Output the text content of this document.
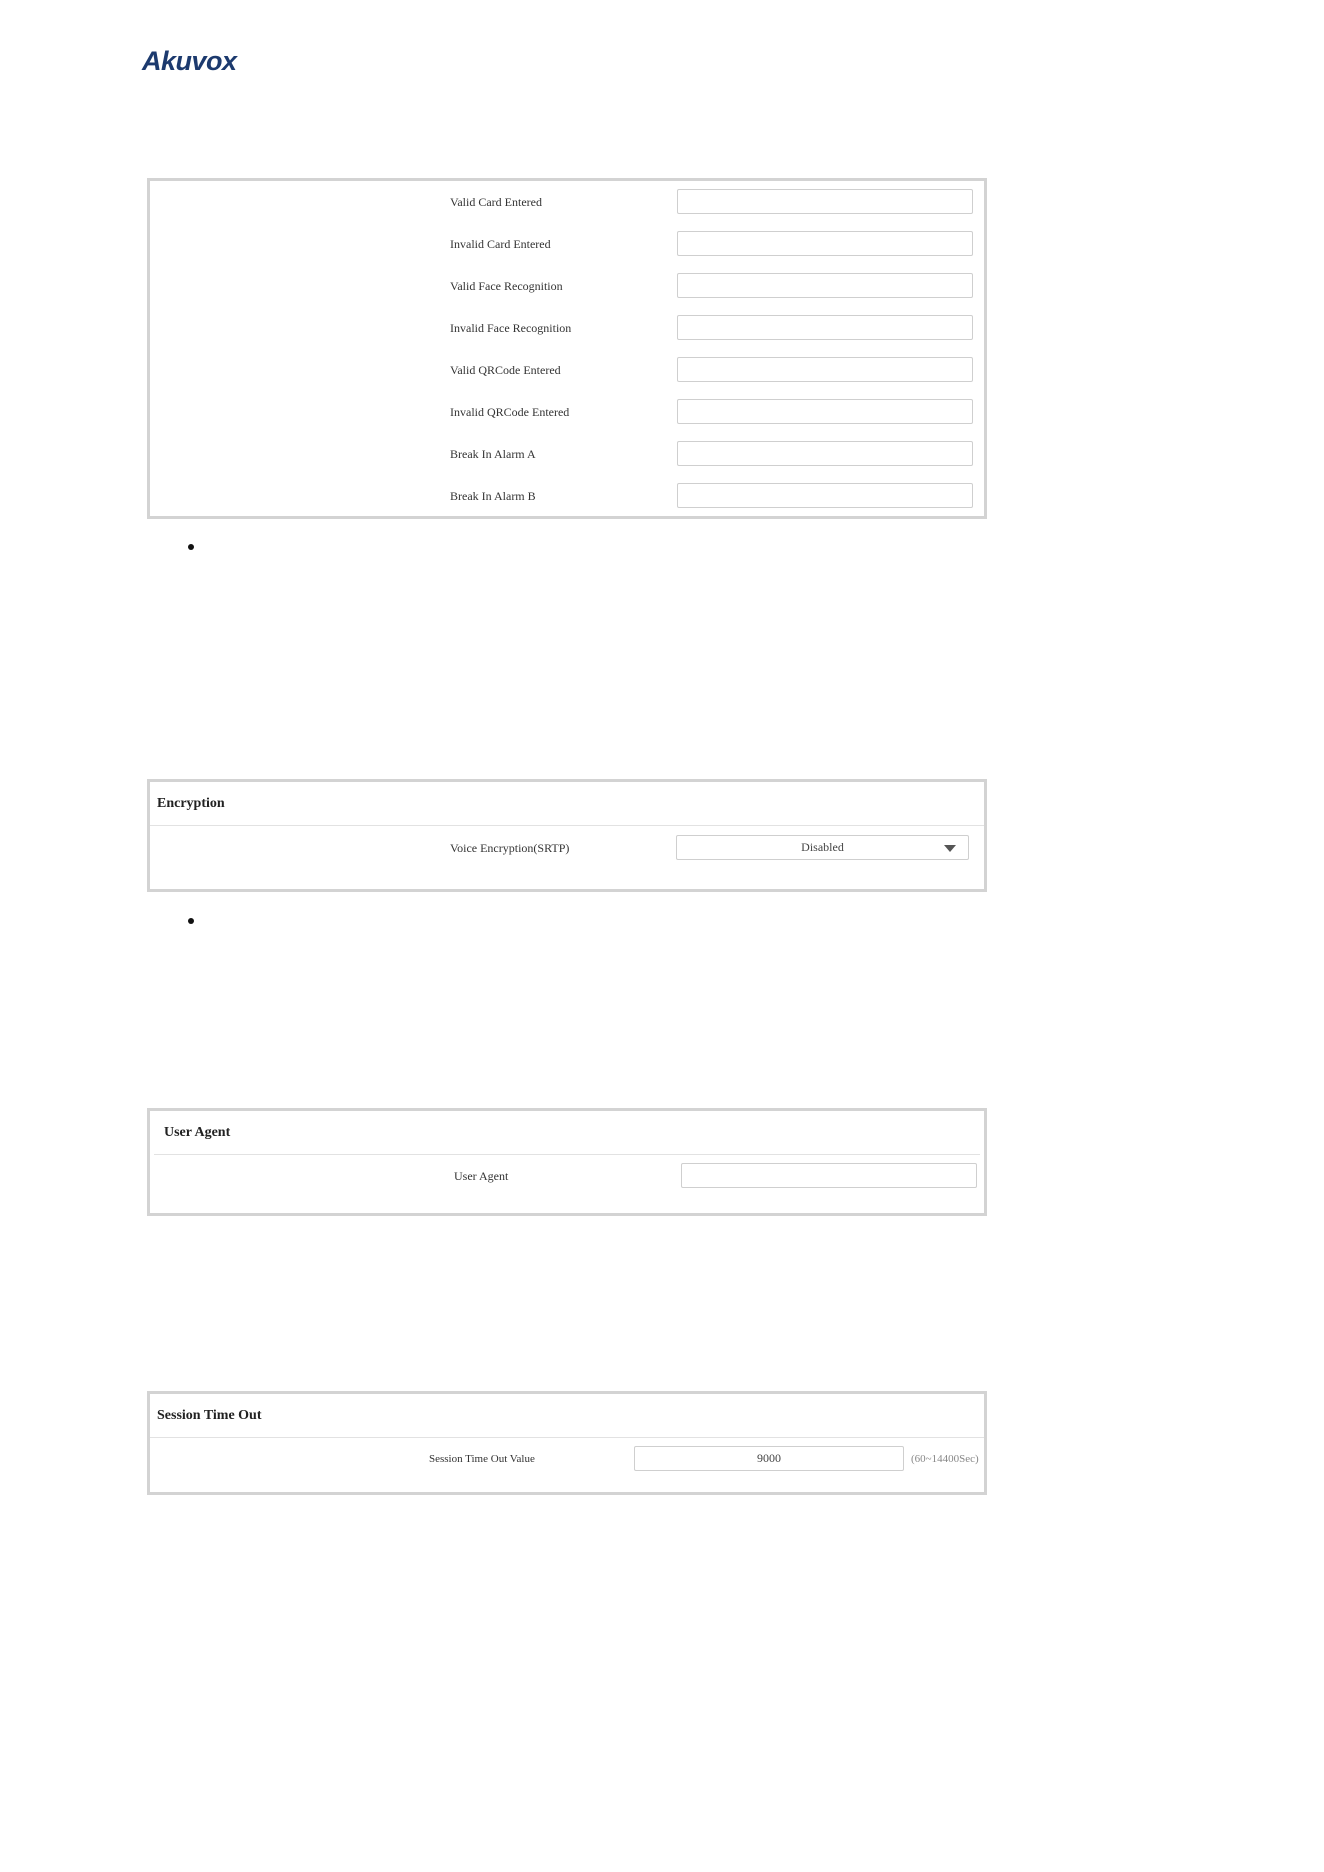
Akuvox
Valid Card Entered
Invalid Card Entered
Valid Face Recognition
Invalid Face Recognition
Valid QRCode Entered
Invalid QRCode Entered
Break In Alarm A
Break In Alarm B
Encryption
Voice Encryption(SRTP)	Disabled
User Agent
User Agent
Session Time Out
Session Time Out Value	9000	(60~14400Sec)
